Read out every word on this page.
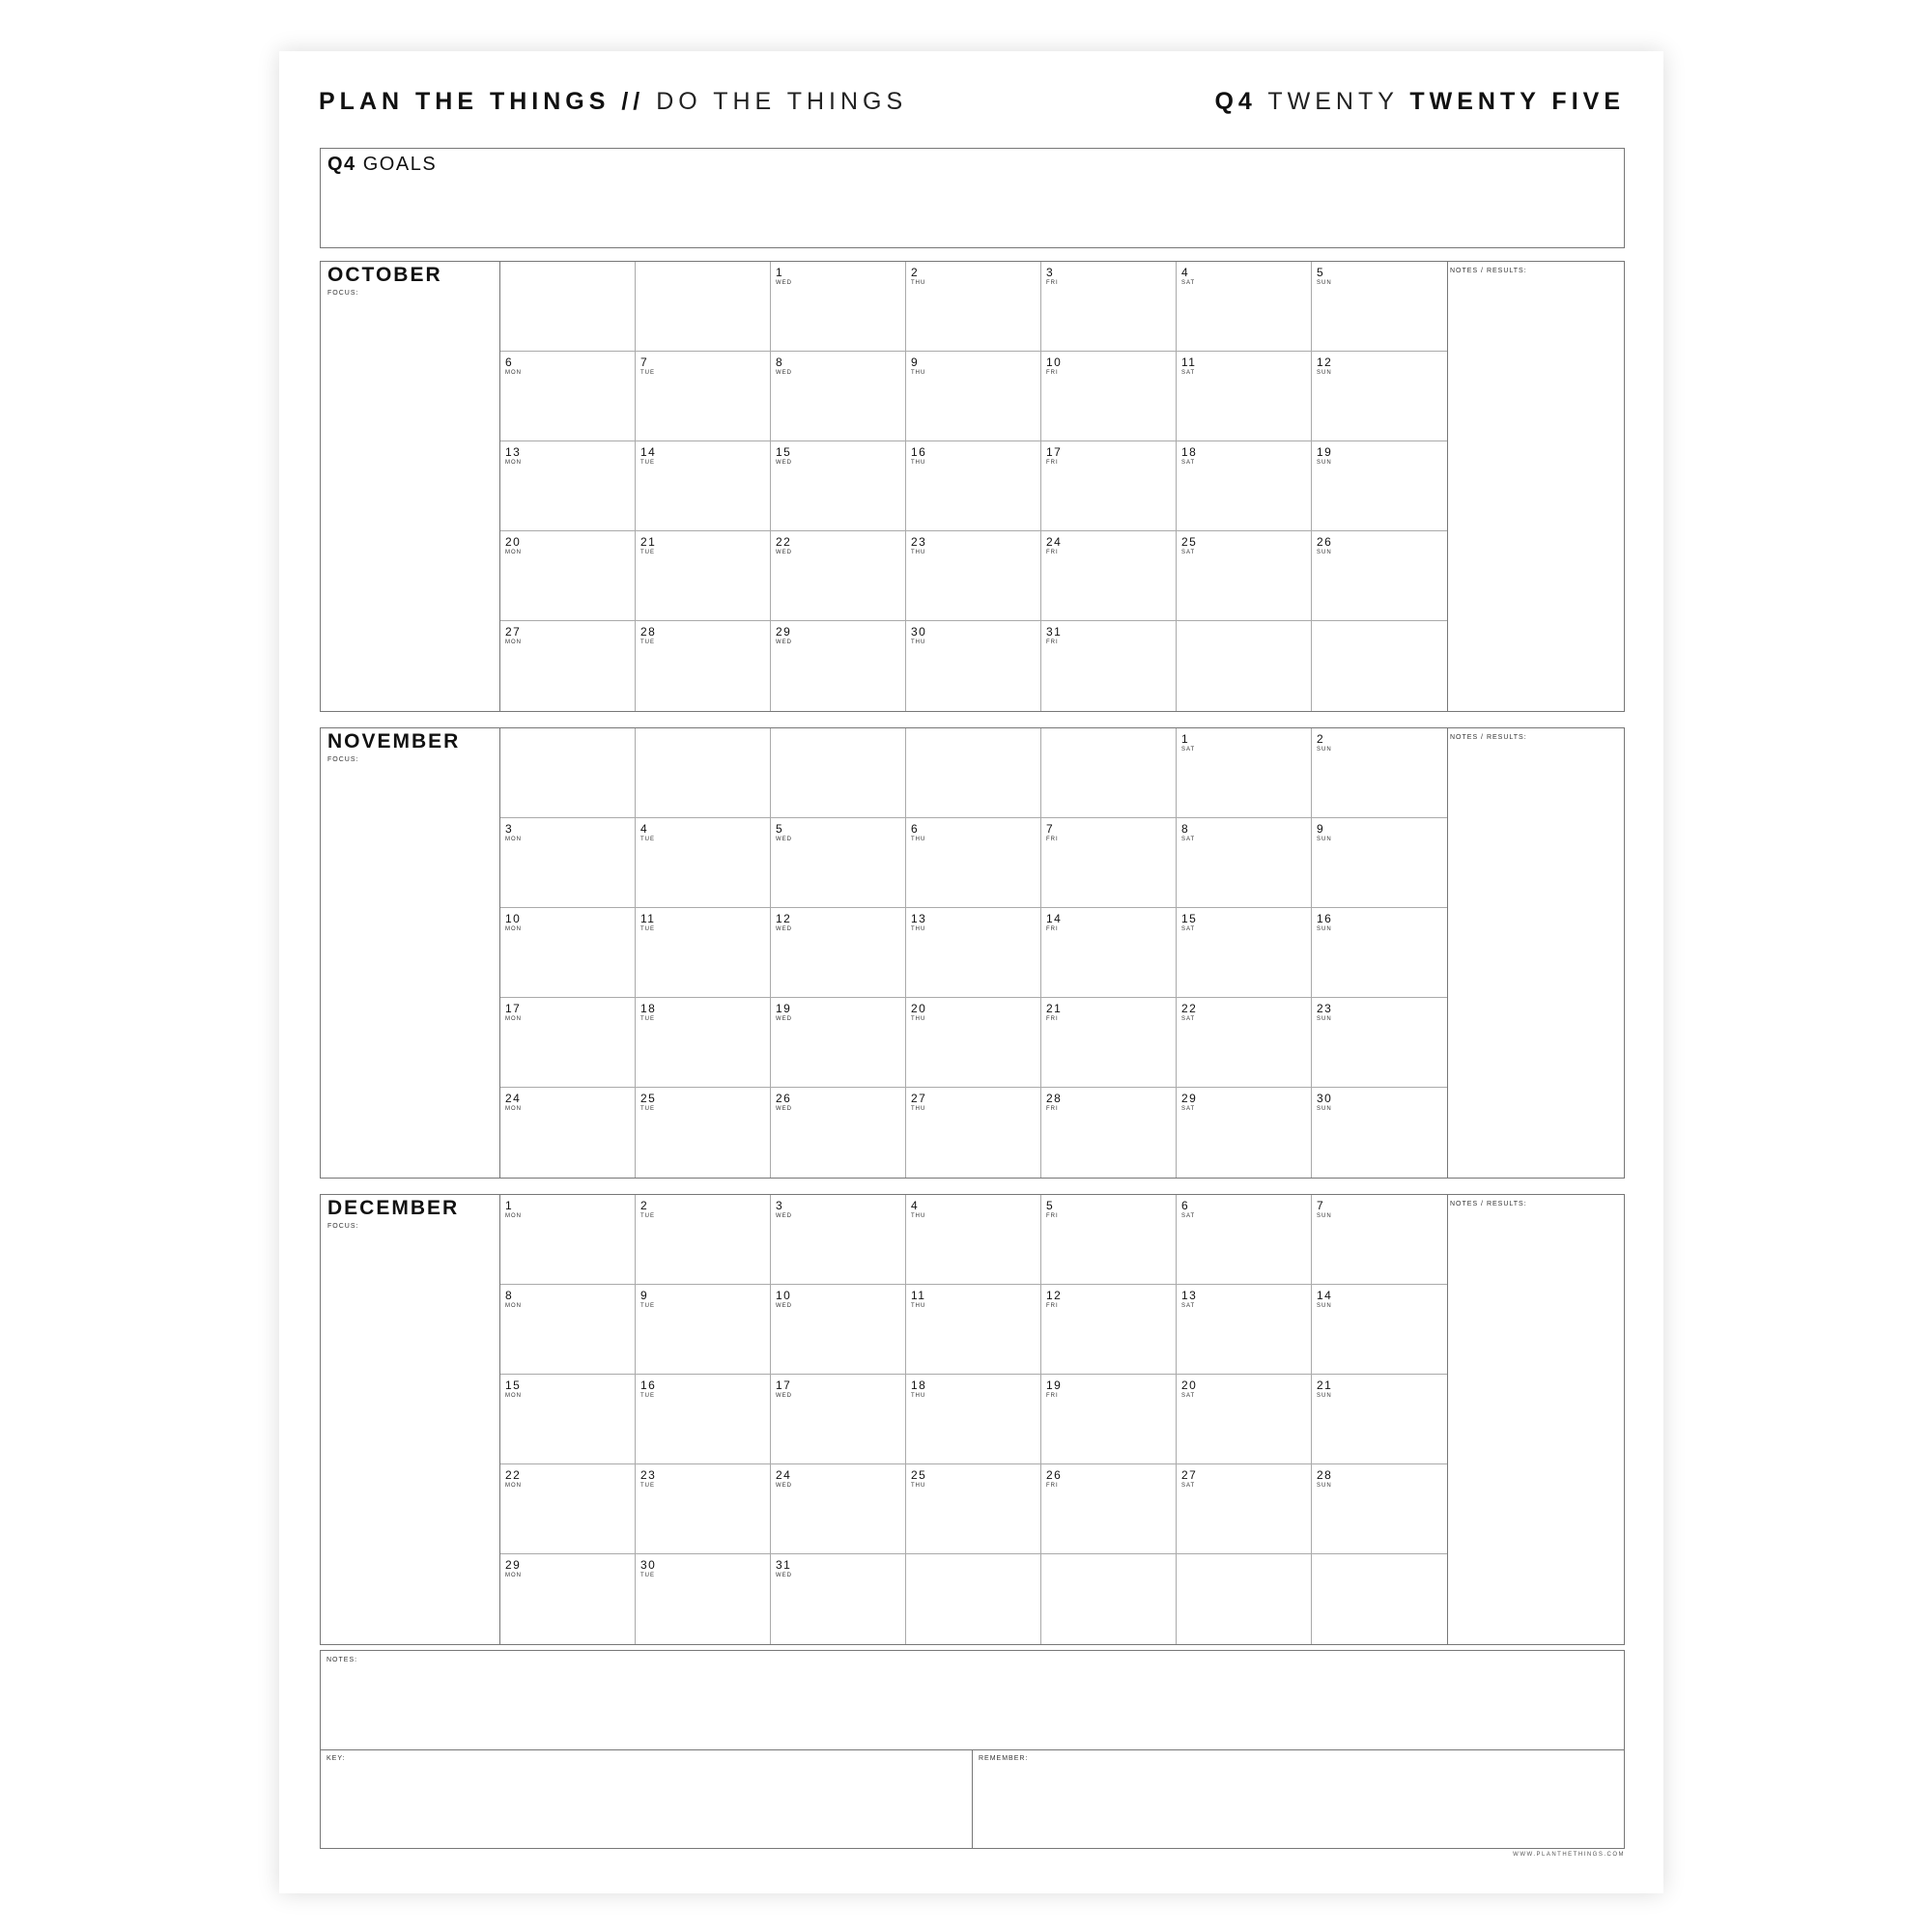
PLAN THE THINGS // DO THE THINGS	Q4 TWENTY TWENTY FIVE
Q4 GOALS
OCTOBER
FOCUS:
NOTES / RESULTS:
1
WED
2
THU
3
FRI
4
SAT
5
SUN
6
MON
7
TUE
8
WED
9
THU
10
FRI
11
SAT
12
SUN
13
MON
14
TUE
15
WED
16
THU
17
FRI
18
SAT
19
SUN
20
MON
21
TUE
22
WED
23
THU
24
FRI
25
SAT
26
SUN
27
MON
28
TUE
29
WED
30
THU
31
FRI
NOVEMBER
FOCUS:
NOTES / RESULTS:
1
SAT
2
SUN
3
MON
4
TUE
5
WED
6
THU
7
FRI
8
SAT
9
SUN
10
MON
11
TUE
12
WED
13
THU
14
FRI
15
SAT
16
SUN
17
MON
18
TUE
19
WED
20
THU
21
FRI
22
SAT
23
SUN
24
MON
25
TUE
26
WED
27
THU
28
FRI
29
SAT
30
SUN
DECEMBER
FOCUS:
NOTES / RESULTS:
1
MON
2
TUE
3
WED
4
THU
5
FRI
6
SAT
7
SUN
8
MON
9
TUE
10
WED
11
THU
12
FRI
13
SAT
14
SUN
15
MON
16
TUE
17
WED
18
THU
19
FRI
20
SAT
21
SUN
22
MON
23
TUE
24
WED
25
THU
26
FRI
27
SAT
28
SUN
29
MON
30
TUE
31
WED
NOTES:
KEY:	REMEMBER:
WWW.PLANTHETHINGS.COM
